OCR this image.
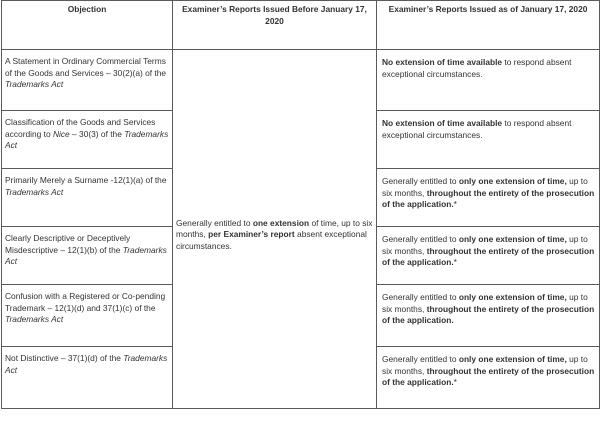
Objection	Examiner’s Reports Issued Before January 17, 2020	Examiner’s Reports Issued as of January 17, 2020

A Statement in Ordinary Commercial Terms of the Goods and Services – 30(2)(a) of the Trademarks Act	Generally entitled to one extension of time, up to six months, per Examiner’s report absent exceptional circumstances.	No extension of time available to respond absent exceptional circumstances.

Classification of the Goods and Services according to Nice – 30(3) of the Trademarks Act		No extension of time available to respond absent exceptional circumstances.

Primarily Merely a Surname -12(1)(a) of the Trademarks Act		Generally entitled to only one extension of time, up to six months, throughout the entirety of the prosecution of the application.*

Clearly Descriptive or Deceptively Misdescriptive – 12(1)(b) of the Trademarks Act		Generally entitled to only one extension of time, up to six months, throughout the entirety of the prosecution of the application.*

Confusion with a Registered or Co-pending Trademark – 12(1)(d) and 37(1)(c) of the Trademarks Act		Generally entitled to only one extension of time, up to six months, throughout the entirety of the prosecution of the application.

Not Distinctive – 37(1)(d) of the Trademarks Act		Generally entitled to only one extension of time, up to six months, throughout the entirety of the prosecution of the application.*
